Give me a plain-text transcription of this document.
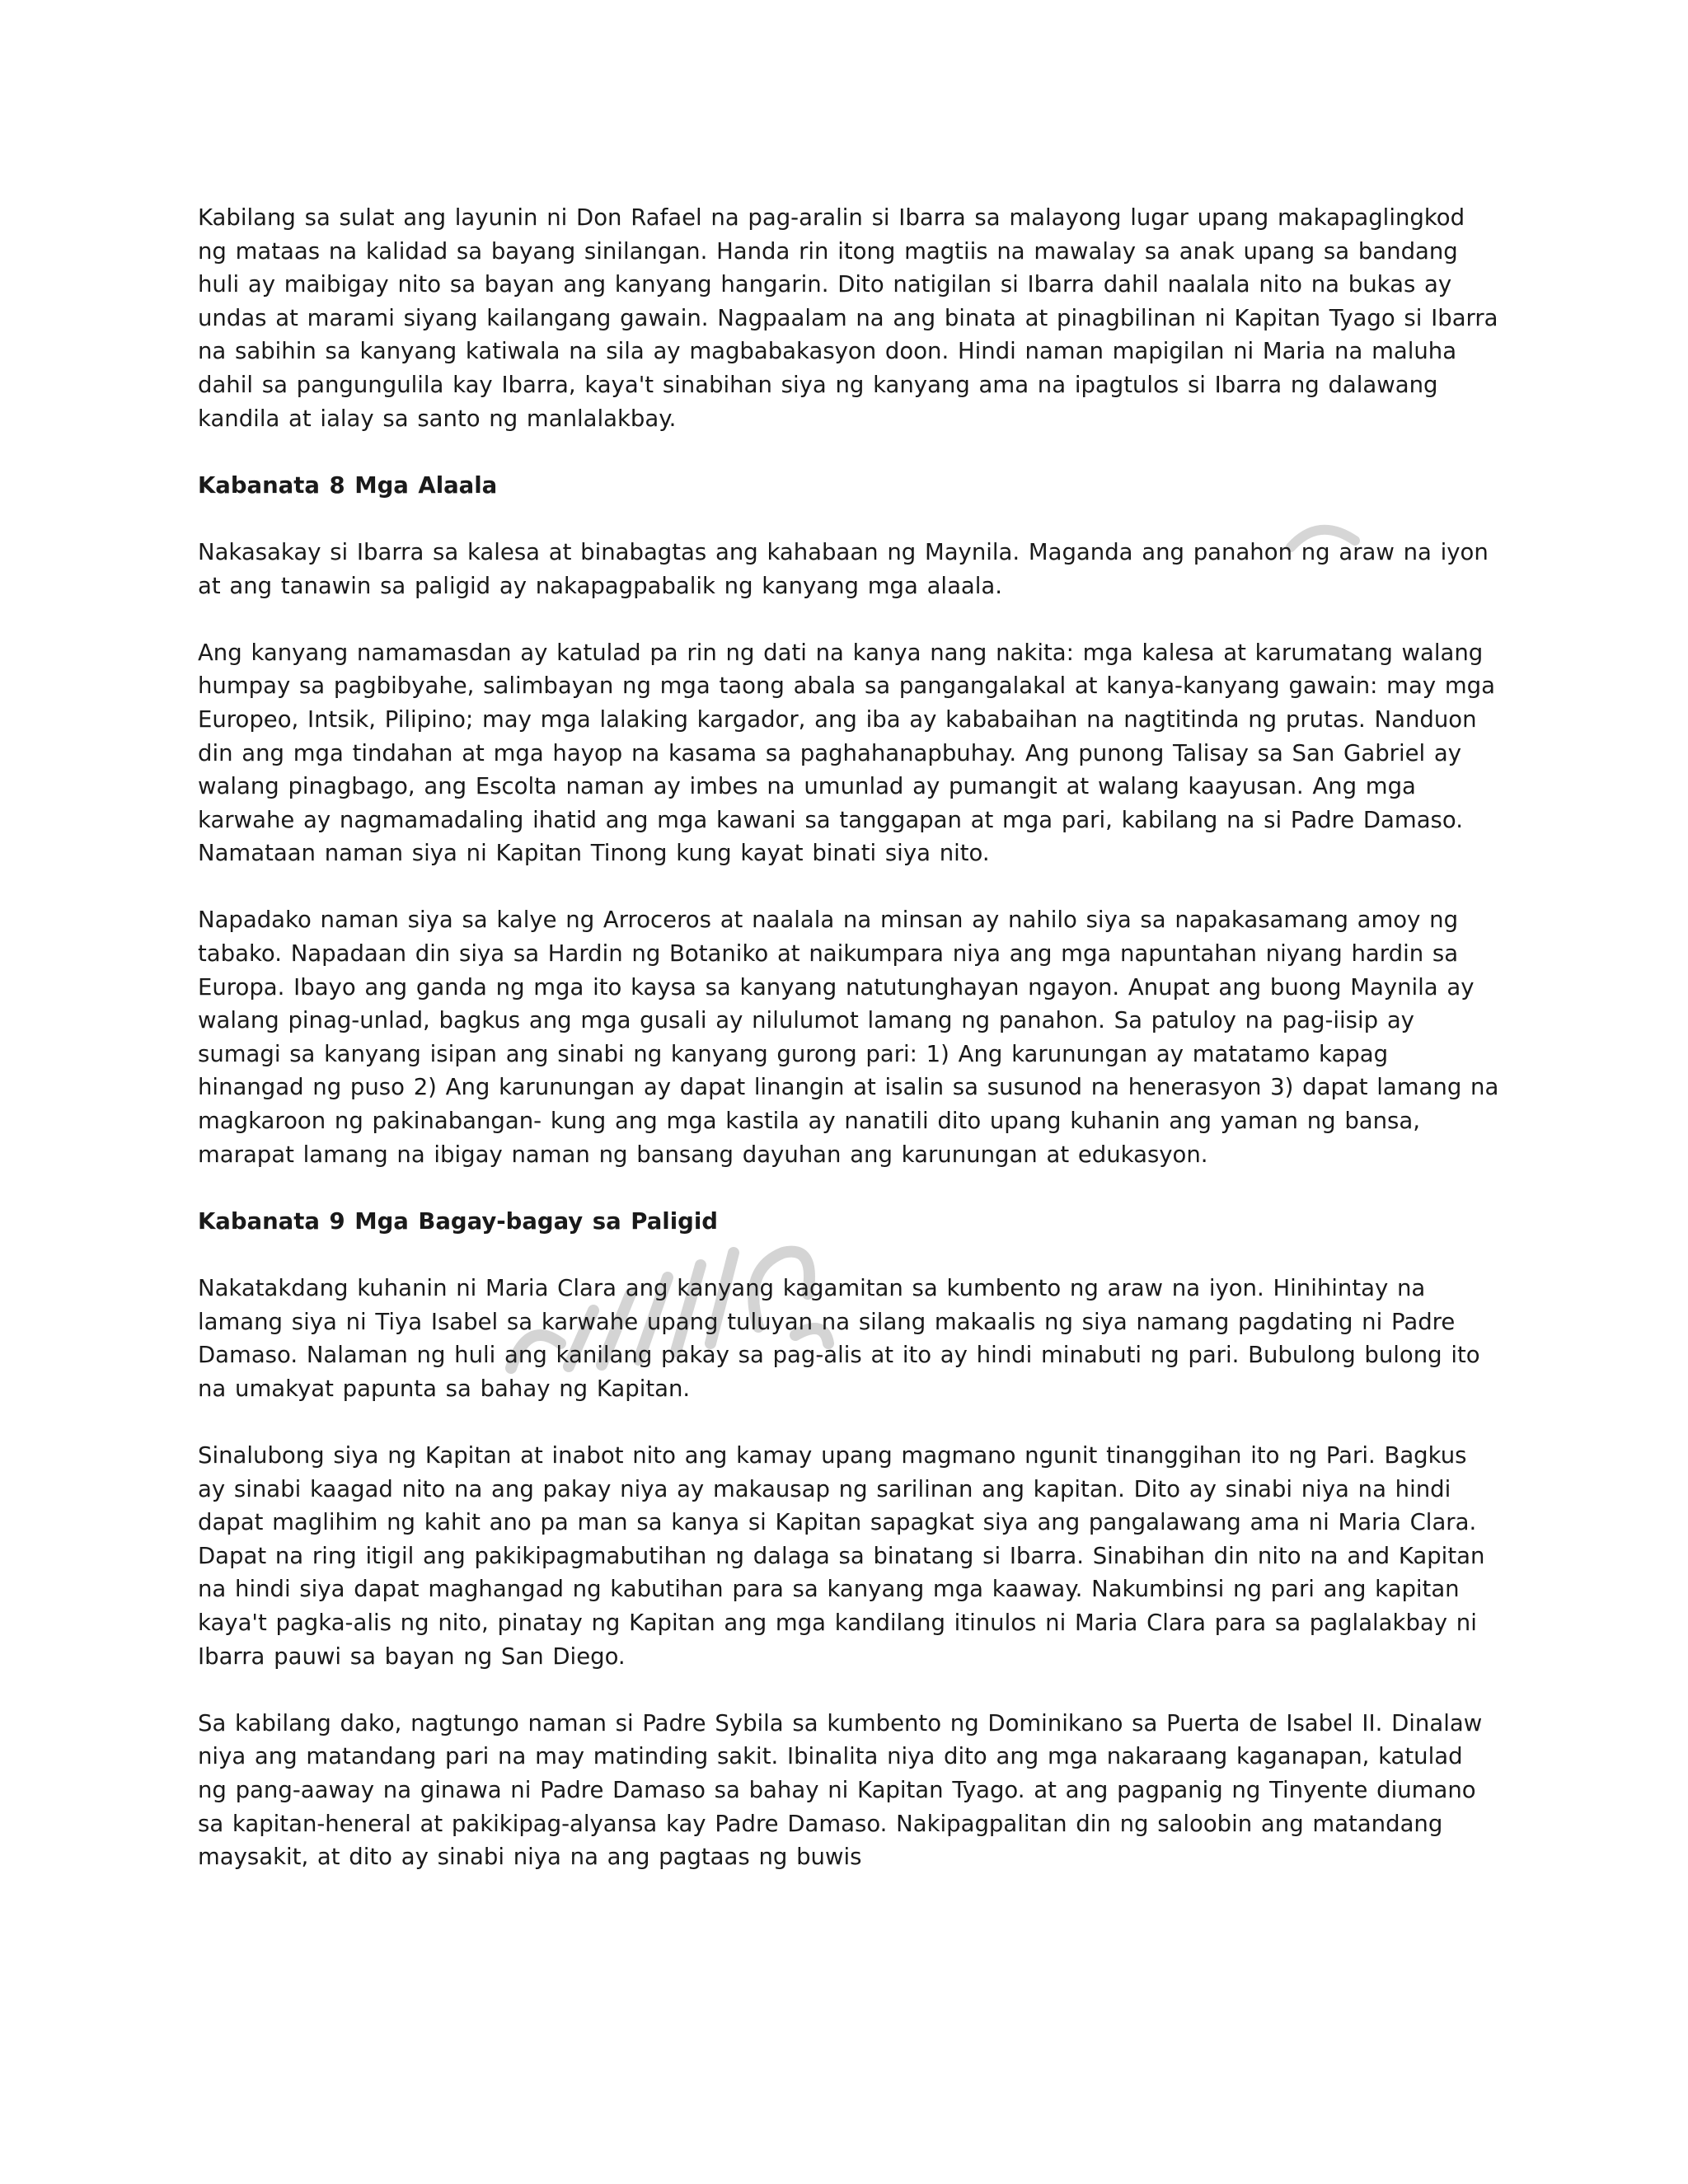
Kabilang sa sulat ang layunin ni Don Rafael na pag-aralin si Ibarra sa malayong lugar upang makapaglingkod ng mataas na kalidad sa bayang sinilangan. Handa rin itong magtiis na mawalay sa anak upang sa bandang huli ay maibigay nito sa bayan ang kanyang hangarin. Dito natigilan si Ibarra dahil naalala nito na bukas ay undas at marami siyang kailangang gawain. Nagpaalam na ang binata at pinagbilinan ni Kapitan Tyago si Ibarra na sabihin sa kanyang katiwala na sila ay magbabakasyon doon. Hindi naman mapigilan ni Maria na maluha dahil sa pangungulila kay Ibarra, kaya't sinabihan siya ng kanyang ama na ipagtulos si Ibarra ng dalawang kandila at ialay sa santo ng manlalakbay.

Kabanata 8 Mga Alaala

Nakasakay si Ibarra sa kalesa at binabagtas ang kahabaan ng Maynila. Maganda ang panahon ng araw na iyon at ang tanawin sa paligid ay nakapagpabalik ng kanyang mga alaala.

Ang kanyang namamasdan ay katulad pa rin ng dati na kanya nang nakita: mga kalesa at karumatang walang humpay sa pagbibyahe, salimbayan ng mga taong abala sa pangangalakal at kanya-kanyang gawain: may mga Europeo, Intsik, Pilipino; may mga lalaking kargador, ang iba ay kababaihan na nagtitinda ng prutas. Nanduon din ang mga tindahan at mga hayop na kasama sa paghahanapbuhay. Ang punong Talisay sa San Gabriel ay walang pinagbago, ang Escolta naman ay imbes na umunlad ay pumangit at walang kaayusan. Ang mga karwahe ay nagmamadaling ihatid ang mga kawani sa tanggapan at mga pari, kabilang na si Padre Damaso. Namataan naman siya ni Kapitan Tinong kung kayat binati siya nito.

Napadako naman siya sa kalye ng Arroceros at naalala na minsan ay nahilo siya sa napakasamang amoy ng tabako. Napadaan din siya sa Hardin ng Botaniko at naikumpara niya ang mga napuntahan niyang hardin sa Europa. Ibayo ang ganda ng mga ito kaysa sa kanyang natutunghayan ngayon. Anupat ang buong Maynila ay walang pinag-unlad, bagkus ang mga gusali ay nilulumot lamang ng panahon. Sa patuloy na pag-iisip ay sumagi sa kanyang isipan ang sinabi ng kanyang gurong pari: 1) Ang karunungan ay matatamo kapag hinangad ng puso 2) Ang karunungan ay dapat linangin at isalin sa susunod na henerasyon 3) dapat lamang na magkaroon ng pakinabangan- kung ang mga kastila ay nanatili dito upang kuhanin ang yaman ng bansa, marapat lamang na ibigay naman ng bansang dayuhan ang karunungan at edukasyon.

Kabanata 9 Mga Bagay-bagay sa Paligid

Nakatakdang kuhanin ni Maria Clara ang kanyang kagamitan sa kumbento ng araw na iyon. Hinihintay na lamang siya ni Tiya Isabel sa karwahe upang tuluyan na silang makaalis ng siya namang pagdating ni Padre Damaso. Nalaman ng huli ang kanilang pakay sa pag-alis at ito ay hindi minabuti ng pari. Bubulong bulong ito na umakyat papunta sa bahay ng Kapitan.

Sinalubong siya ng Kapitan at inabot nito ang kamay upang magmano ngunit tinanggihan ito ng Pari. Bagkus ay sinabi kaagad nito na ang pakay niya ay makausap ng sarilinan ang kapitan. Dito ay sinabi niya na hindi dapat maglihim ng kahit ano pa man sa kanya si Kapitan sapagkat siya ang pangalawang ama ni Maria Clara. Dapat na ring itigil ang pakikipagmabutihan ng dalaga sa binatang si Ibarra. Sinabihan din nito na and Kapitan na hindi siya dapat maghangad ng kabutihan para sa kanyang mga kaaway. Nakumbinsi ng pari ang kapitan kaya't pagka-alis ng nito, pinatay ng Kapitan ang mga kandilang itinulos ni Maria Clara para sa paglalakbay ni Ibarra pauwi sa bayan ng San Diego.

Sa kabilang dako, nagtungo naman si Padre Sybila sa kumbento ng Dominikano sa Puerta de Isabel II. Dinalaw niya ang matandang pari na may matinding sakit. Ibinalita niya dito ang mga nakaraang kaganapan, katulad ng pang-aaway na ginawa ni Padre Damaso sa bahay ni Kapitan Tyago. at ang pagpanig ng Tinyente diumano sa kapitan-heneral at pakikipag-alyansa kay Padre Damaso. Nakipagpalitan din ng saloobin ang matandang maysakit, at dito ay sinabi niya na ang pagtaas ng buwis
